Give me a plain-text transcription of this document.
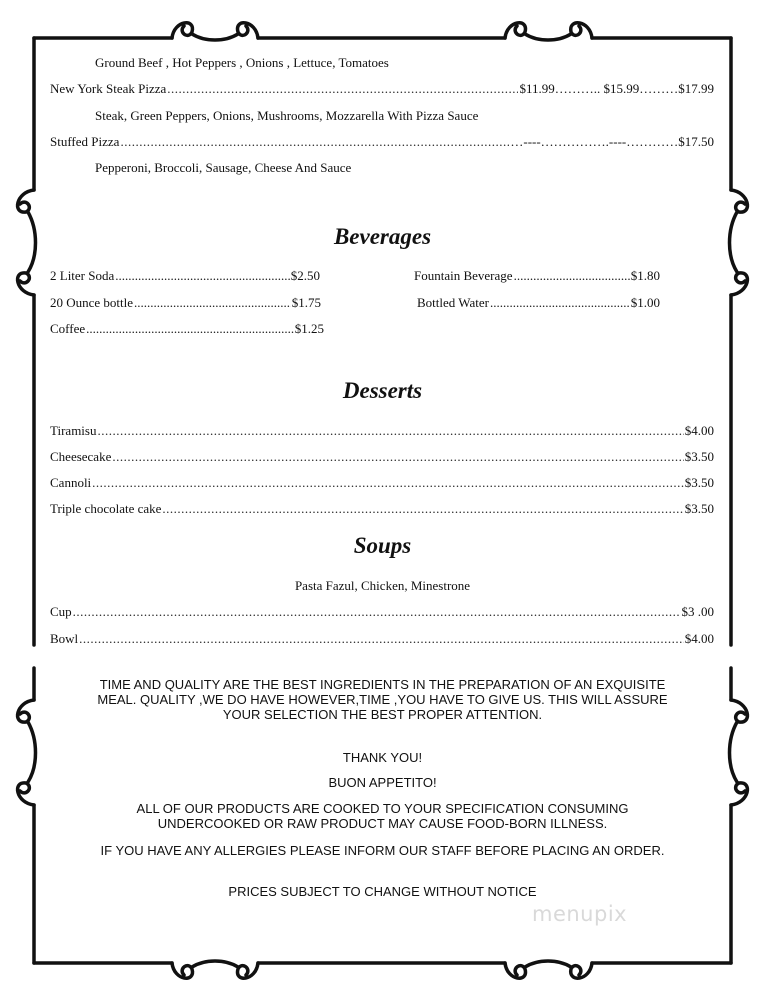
Ground Beef , Hot Peppers , Onions , Lettuce, Tomatoes
New York Steak Pizza .....	$11.99……….. $15.99………$17.99
Steak, Green Peppers, Onions, Mushrooms, Mozzarella With Pizza Sauce
Stuffed Pizza .....	…----…………….----…………$17.50
Pepperoni, Broccoli, Sausage, Cheese And Sauce
Beverages
2 Liter Soda .....	$2.50
20 Ounce bottle .....	$1.75
Coffee .....	$1.25
Fountain Beverage .....	$1.80
Bottled Water .....	$1.00
Desserts
Tiramisu .....	$4.00
Cheesecake .....	$3.50
Cannoli .....	$3.50
Triple chocolate cake .....	$3.50
Soups
Pasta Fazul, Chicken, Minestrone
Cup .....	$3 .00
Bowl .....	$4.00
TIME AND QUALITY ARE THE BEST INGREDIENTS IN THE PREPARATION OF AN EXQUISITE MEAL. QUALITY ,WE DO HAVE HOWEVER,TIME ,YOU HAVE TO GIVE US. THIS WILL ASSURE YOUR SELECTION THE BEST PROPER ATTENTION.
THANK YOU!
BUON APPETITO!
ALL OF OUR PRODUCTS ARE COOKED TO YOUR SPECIFICATION CONSUMING UNDERCOOKED OR RAW PRODUCT MAY CAUSE FOOD-BORN ILLNESS.
IF YOU HAVE ANY ALLERGIES PLEASE INFORM OUR STAFF BEFORE PLACING AN ORDER.
PRICES SUBJECT TO CHANGE WITHOUT NOTICE
menupix
